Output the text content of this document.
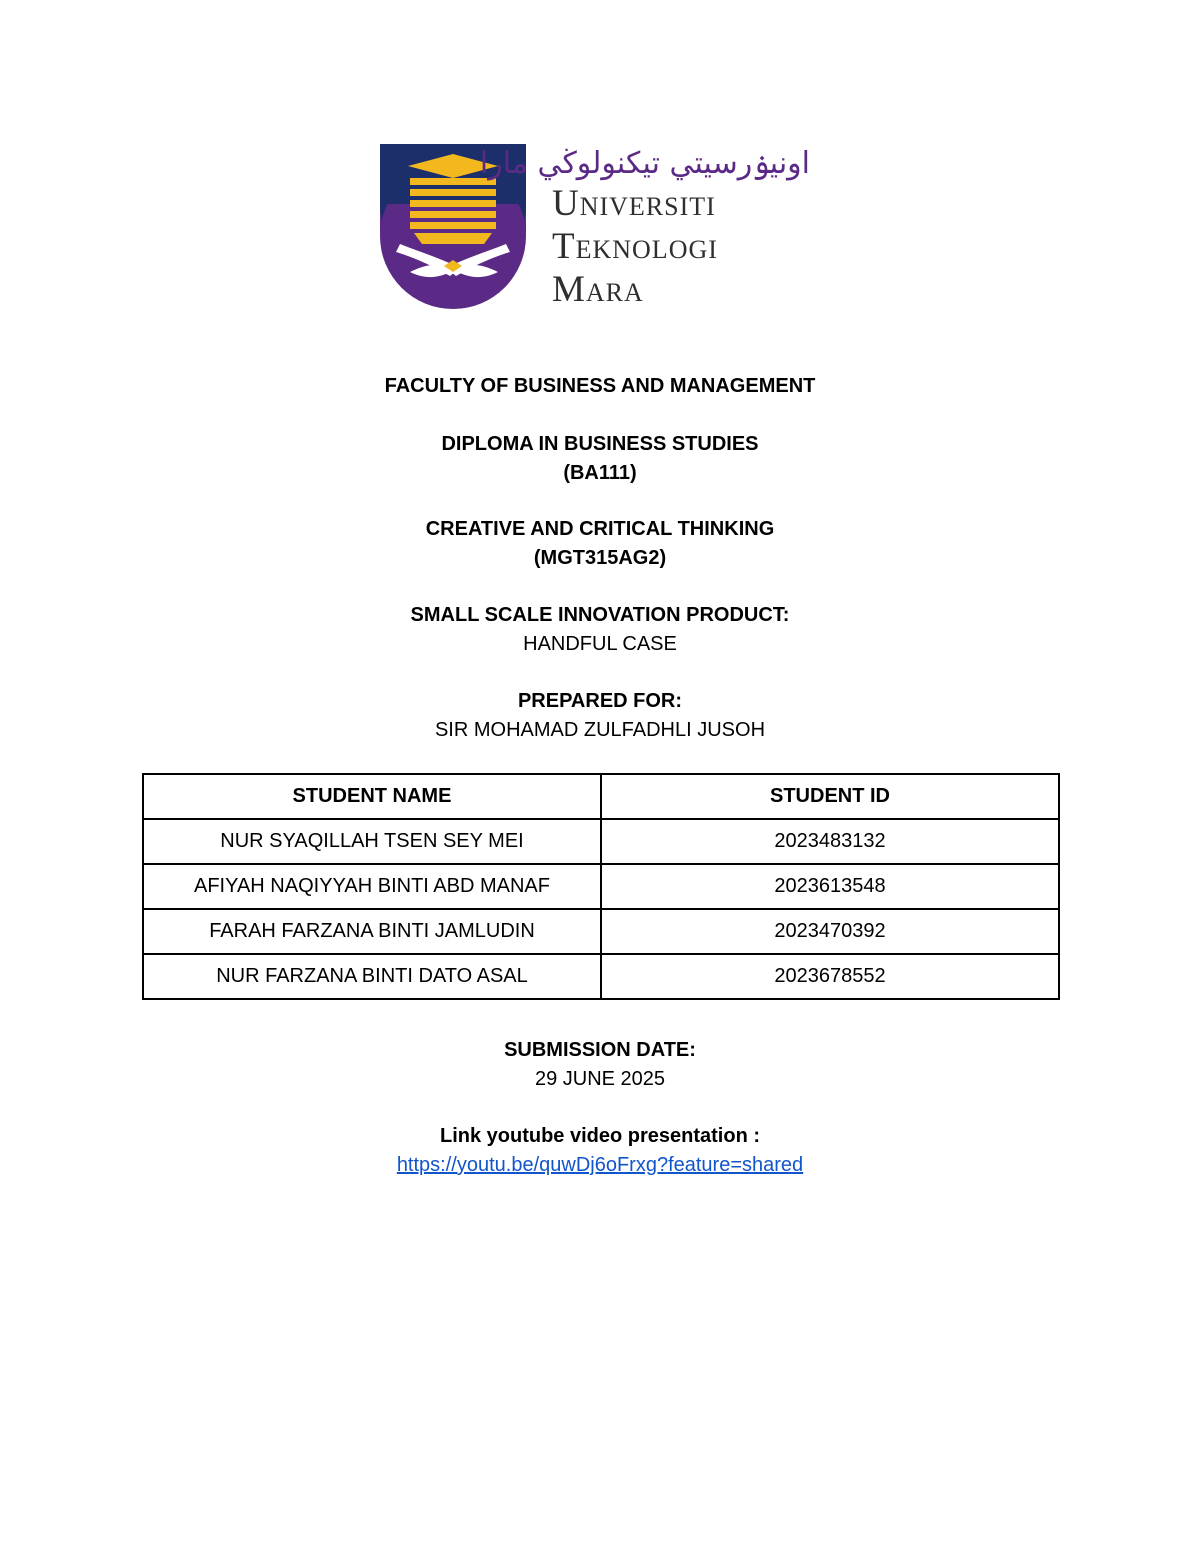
اونيۏرسيتي تيكنولوڬي مارا
Universiti
Teknologi
Mara
FACULTY OF BUSINESS AND MANAGEMENT
DIPLOMA IN BUSINESS STUDIES
(BA111)
CREATIVE AND CRITICAL THINKING
(MGT315AG2)
SMALL SCALE INNOVATION PRODUCT:
HANDFUL CASE
PREPARED FOR:
SIR MOHAMAD ZULFADHLI JUSOH
STUDENT NAME	STUDENT ID
NUR SYAQILLAH TSEN SEY MEI	2023483132
AFIYAH NAQIYYAH BINTI ABD MANAF	2023613548
FARAH FARZANA BINTI JAMLUDIN	2023470392
NUR FARZANA BINTI DATO ASAL	2023678552
SUBMISSION DATE:
29 JUNE 2025
Link youtube video presentation :
https://youtu.be/quwDj6oFrxg?feature=shared
